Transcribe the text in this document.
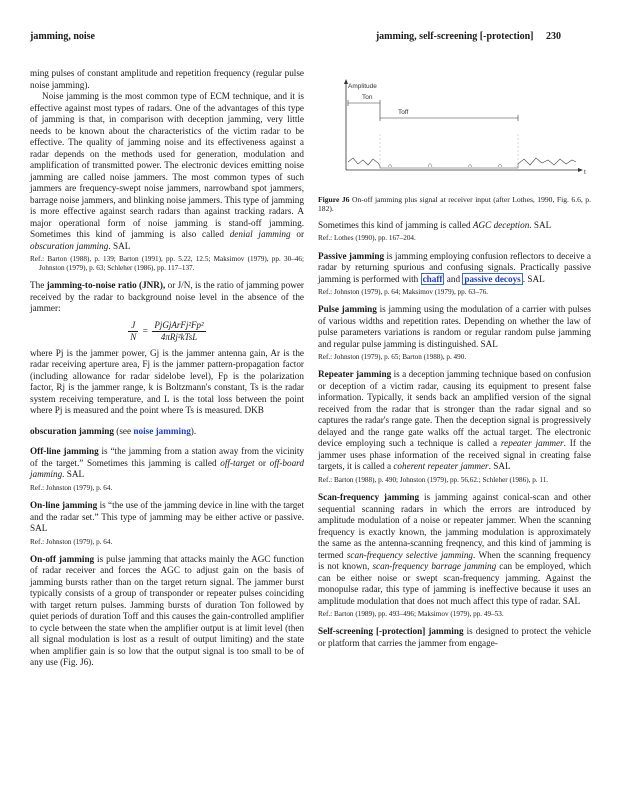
jamming, noise	jamming, self-screening [-protection] 230

ming pulses of constant amplitude and repetition frequency (regular pulse noise jamming).

Noise jamming is the most common type of ECM technique, and it is effective against most types of radars. One of the advantages of this type of jamming is that, in comparison with deception jamming, very little needs to be known about the characteristics of the victim radar to be effective. The quality of jamming noise and its effectiveness against a radar depends on the methods used for generation, modulation and amplification of transmitted power. The electronic devices emitting noise jamming are called noise jammers. The most common types of such jammers are frequency-swept noise jammers, narrowband spot jammers, barrage noise jammers, and blinking noise jammers. This type of jamming is more effective against search radars than against tracking radars. A major operational form of noise jamming is stand-off jamming. Sometimes this kind of jamming is also called denial jamming or obscuration jamming. SAL

Ref.: Barton (1988), p. 139; Barton (1991), pp. 5.22, 12.5; Maksimov (1979), pp. 30–46; Johnston (1979), p. 63; Schleher (1986), pp. 117–137.

The jamming-to-noise ratio (JNR), or J/N, is the ratio of jamming power received by the radar to background noise level in the absence of the jammer:

$\frac{J}{N} = \frac{\text{PjGjArFj²Fp²}}{\text{4πRj²kTsL}}$

where Pj is the jammer power, Gj is the jammer antenna gain, Ar is the radar receiving aperture area, Fj is the jammer pattern-propagation factor (including allowance for radar sidelobe level), Fp is the polarization factor, Rj is the jammer range, k is Boltzmann's constant, Ts is the radar system receiving temperature, and L is the total loss between the point where Pj is measured and the point where Ts is measured. DKB

obscuration jamming (see noise jamming).

Off-line jamming is “the jamming from a station away from the vicinity of the target.” Sometimes this jamming is called off-target or off-board jamming. SAL

Ref.: Johnston (1979), p. 64.

On-line jamming is “the use of the jamming device in line with the target and the radar set.” This type of jamming may be either active or passive. SAL

Ref.: Johnston (1979), p. 64.

On-off jamming is pulse jamming that attacks mainly the AGC function of radar receiver and forces the AGC to adjust gain on the basis of jamming bursts rather than on the target return signal. The jammer burst typically consists of a group of transponder or repeater pulses coinciding with target return pulses. Jamming bursts of duration Ton followed by quiet periods of duration Toff and this causes the gain-controlled amplifier to cycle between the state when the amplifier output is at limit level (then all signal modulation is lost as a result of output limiting) and the state when amplifier gain is so low that the output signal is too small to be of any use (Fig. J6).

Amplitude
Ton
Toff
t

Figure J6 On-off jamming plus signal at receiver input (after Lothes, 1990, Fig. 6.6, p. 182).

Sometimes this kind of jamming is called AGC deception. SAL

Ref.: Lothes (1990), pp. 167–204.

Passive jamming is jamming employing confusion reflectors to deceive a radar by returning spurious and confusing signals. Practically passive jamming is performed with chaff and passive decoys . SAL

Ref.: Johnston (1979), p. 64; Maksimov (1979), pp. 63–76.

Pulse jamming is jamming using the modulation of a carrier with pulses of various widths and repetition rates. Depending on whether the law of pulse parameters variations is random or regular random pulse jamming and regular pulse jamming is distinguished. SAL

Ref.: Johnston (1979), p. 65; Barton (1988), p. 490.

Repeater jamming is a deception jamming technique based on confusion or deception of a victim radar, causing its equipment to present false information. Typically, it sends back an amplified version of the signal received from the radar that is stronger than the radar signal and so captures the radar's range gate. Then the deception signal is progressively delayed and the range gate walks off the actual target. The electronic device employing such a technique is called a repeater jammer. If the jammer uses phase information of the received signal in creating false targets, it is called a coherent repeater jammer. SAL

Ref.: Barton (1988), p. 490; Johnston (1979), pp. 56,62.; Schleher (1986), p. 11.

Scan-frequency jamming is jamming against conical-scan and other sequential scanning radars in which the errors are introduced by amplitude modulation of a noise or repeater jammer. When the scanning frequency is exactly known, the jamming modulation is approximately the same as the antenna-scanning freqnency, and this kind of jamming is termed scan-frequency selective jamming. When the scanning frequency is not known, scan-frequency barrage jamming can be employed, which can be either noise or swept scan-frequency jamming. Against the monopulse radar, this type of jamming is ineffective because it uses an amplitude modulation that does not much affect this type of radar. SAL

Ref.: Barton (1989), pp. 493–496; Maksimov (1979), pp. 49–53.

Self-screening [-protection] jamming is designed to protect the vehicle or platform that carries the jammer from engage-
